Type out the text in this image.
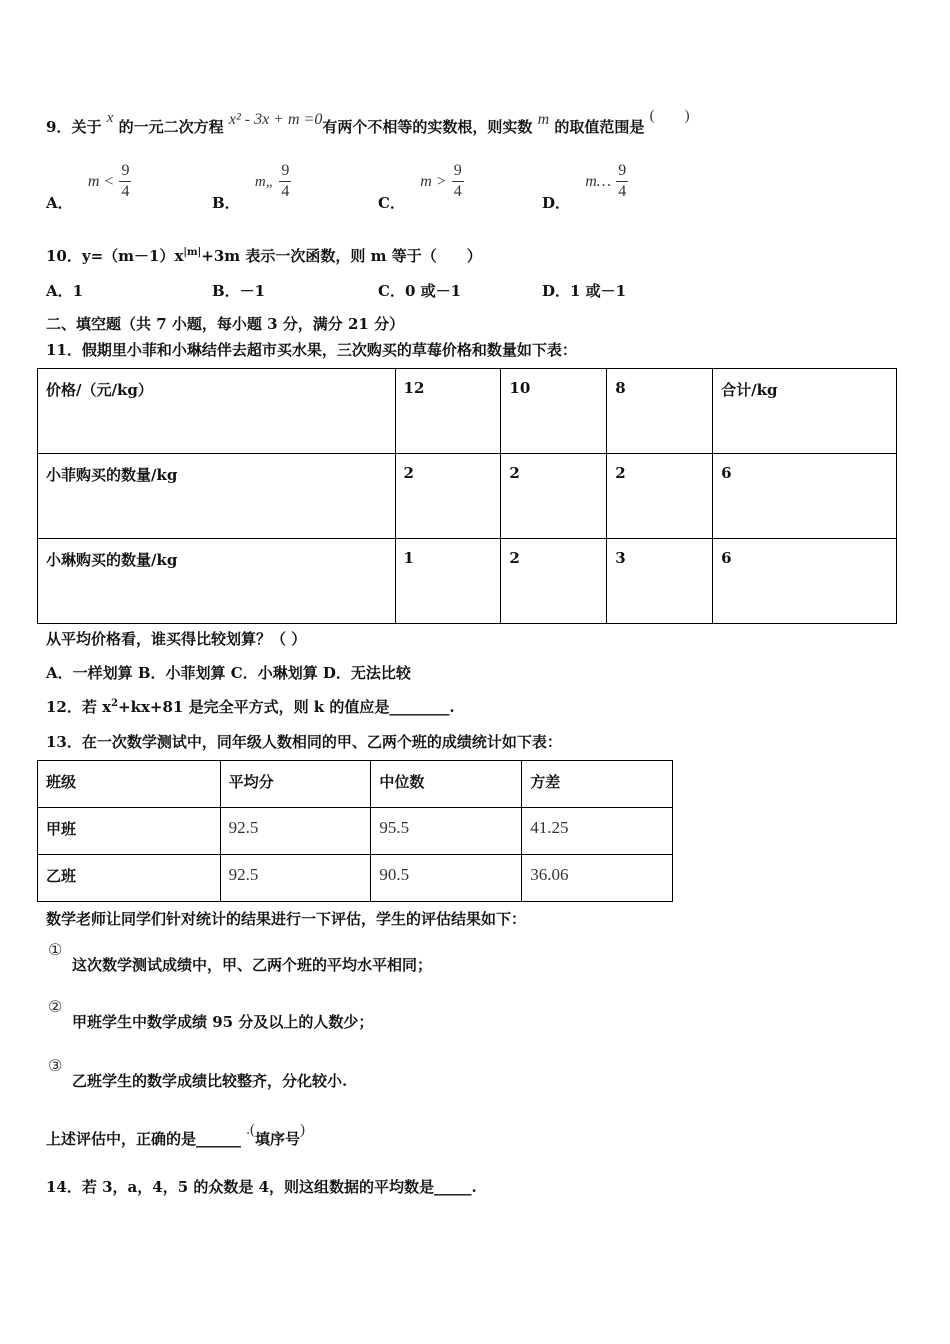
9．关于 x 的一元二次方程 x² - 3x + m =0有两个不相等的实数根，则实数 m 的取值范围是 (　　)
A． $m < \frac{9}{4}$
B． m„ $\frac{9}{4}$
C． $m > \frac{9}{4}$
D． m… $\frac{9}{4}$
10．$y=(m-1)x^{|m|}+3m$ 表示一次函数，则 m 等于（　　）
A．1	B．－1	C．0 或－1	D．1 或－1
二、填空题（共 7 小题，每小题 3 分，满分 21 分）
11．假期里小菲和小琳结伴去超市买水果，三次购买的草莓价格和数量如下表：
价格/（元/kg）	12	10	8	合计/kg
小菲购买的数量/kg	2	2	2	6
小琳购买的数量/kg	1	2	3	6
从平均价格看，谁买得比较划算？（ ）
A．一样划算 B．小菲划算 C．小琳划算 D．无法比较
12．若 $x^2+kx+81$ 是完全平方式，则 k 的值应是________.
13．在一次数学测试中，同年级人数相同的甲、乙两个班的成绩统计如下表：
班级	平均分	中位数	方差
甲班	92.5	95.5	41.25
乙班	92.5	90.5	36.06
数学老师让同学们针对统计的结果进行一下评估，学生的评估结果如下：
①
这次数学测试成绩中，甲、乙两个班的平均水平相同；
②
甲班学生中数学成绩 95 分及以上的人数少；
③
乙班学生的数学成绩比较整齐，分化较小.
上述评估中，正确的是______ .(填序号)
14．若 3，a，4，5 的众数是 4，则这组数据的平均数是_____.
